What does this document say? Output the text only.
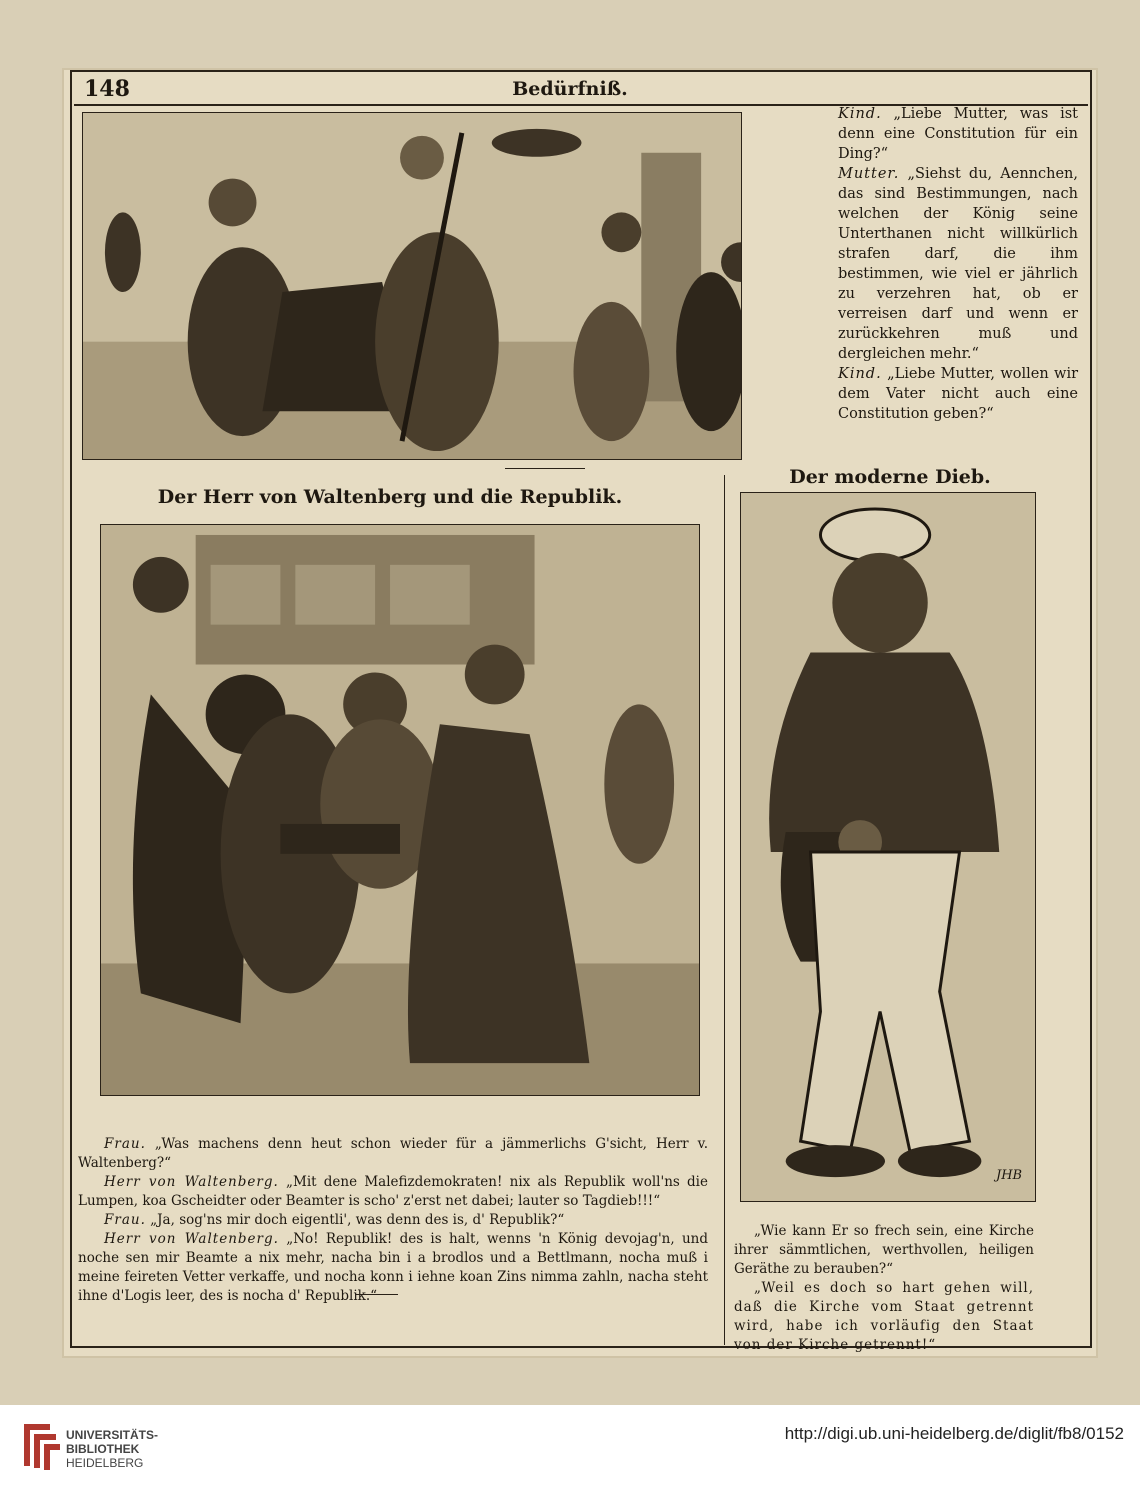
148	Bedürfniß.

Kind. „Liebe Mutter, was ist denn eine Constitution für ein Ding?“

Mutter. „Siehst du, Aennchen, das sind Bestimmungen, nach welchen der König seine Unterthanen nicht willkürlich strafen darf, die ihm bestimmen, wie viel er jährlich zu verzehren hat, ob er verreisen darf und wenn er zurückkehren muß und dergleichen mehr.“

Kind. „Liebe Mutter, wollen wir dem Vater nicht auch eine Constitution geben?“

Der Herr von Waltenberg und die Republik.
Der moderne Dieb.

Frau. „Was machens denn heut schon wieder für a jämmerlichs G'sicht, Herr v. Waltenberg?“

Herr von Waltenberg. „Mit dene Malefizdemokraten! nix als Republik woll'ns die Lumpen, koa Gscheidter oder Beamter is scho' z'erst net dabei; lauter so Tagdieb!!!“

Frau. „Ja, sog'ns mir doch eigentli', was denn des is, d' Republik?“

Herr von Waltenberg. „No! Republik! des is halt, wenns 'n König devojag'n, und noche sen mir Beamte a nix mehr, nacha bin i a brodlos und a Bettlmann, nocha muß i meine feireten Vetter verkaffe, und nocha konn i iehne koan Zins nimma zahln, nacha steht ihne d'Logis leer, des is nocha d' Republik.“

JHB

„Wie kann Er so frech sein, eine Kirche ihrer sämmtlichen, werthvollen, heiligen Geräthe zu berauben?“

„Weil es doch so hart gehen will, daß die Kirche vom Staat getrennt wird, habe ich vorläufig den Staat von der Kirche getrennt!“

UNIVERSITÄTS-
BIBLIOTHEK
HEIDELBERG
http://digi.ub.uni-heidelberg.de/diglit/fb8/0152
